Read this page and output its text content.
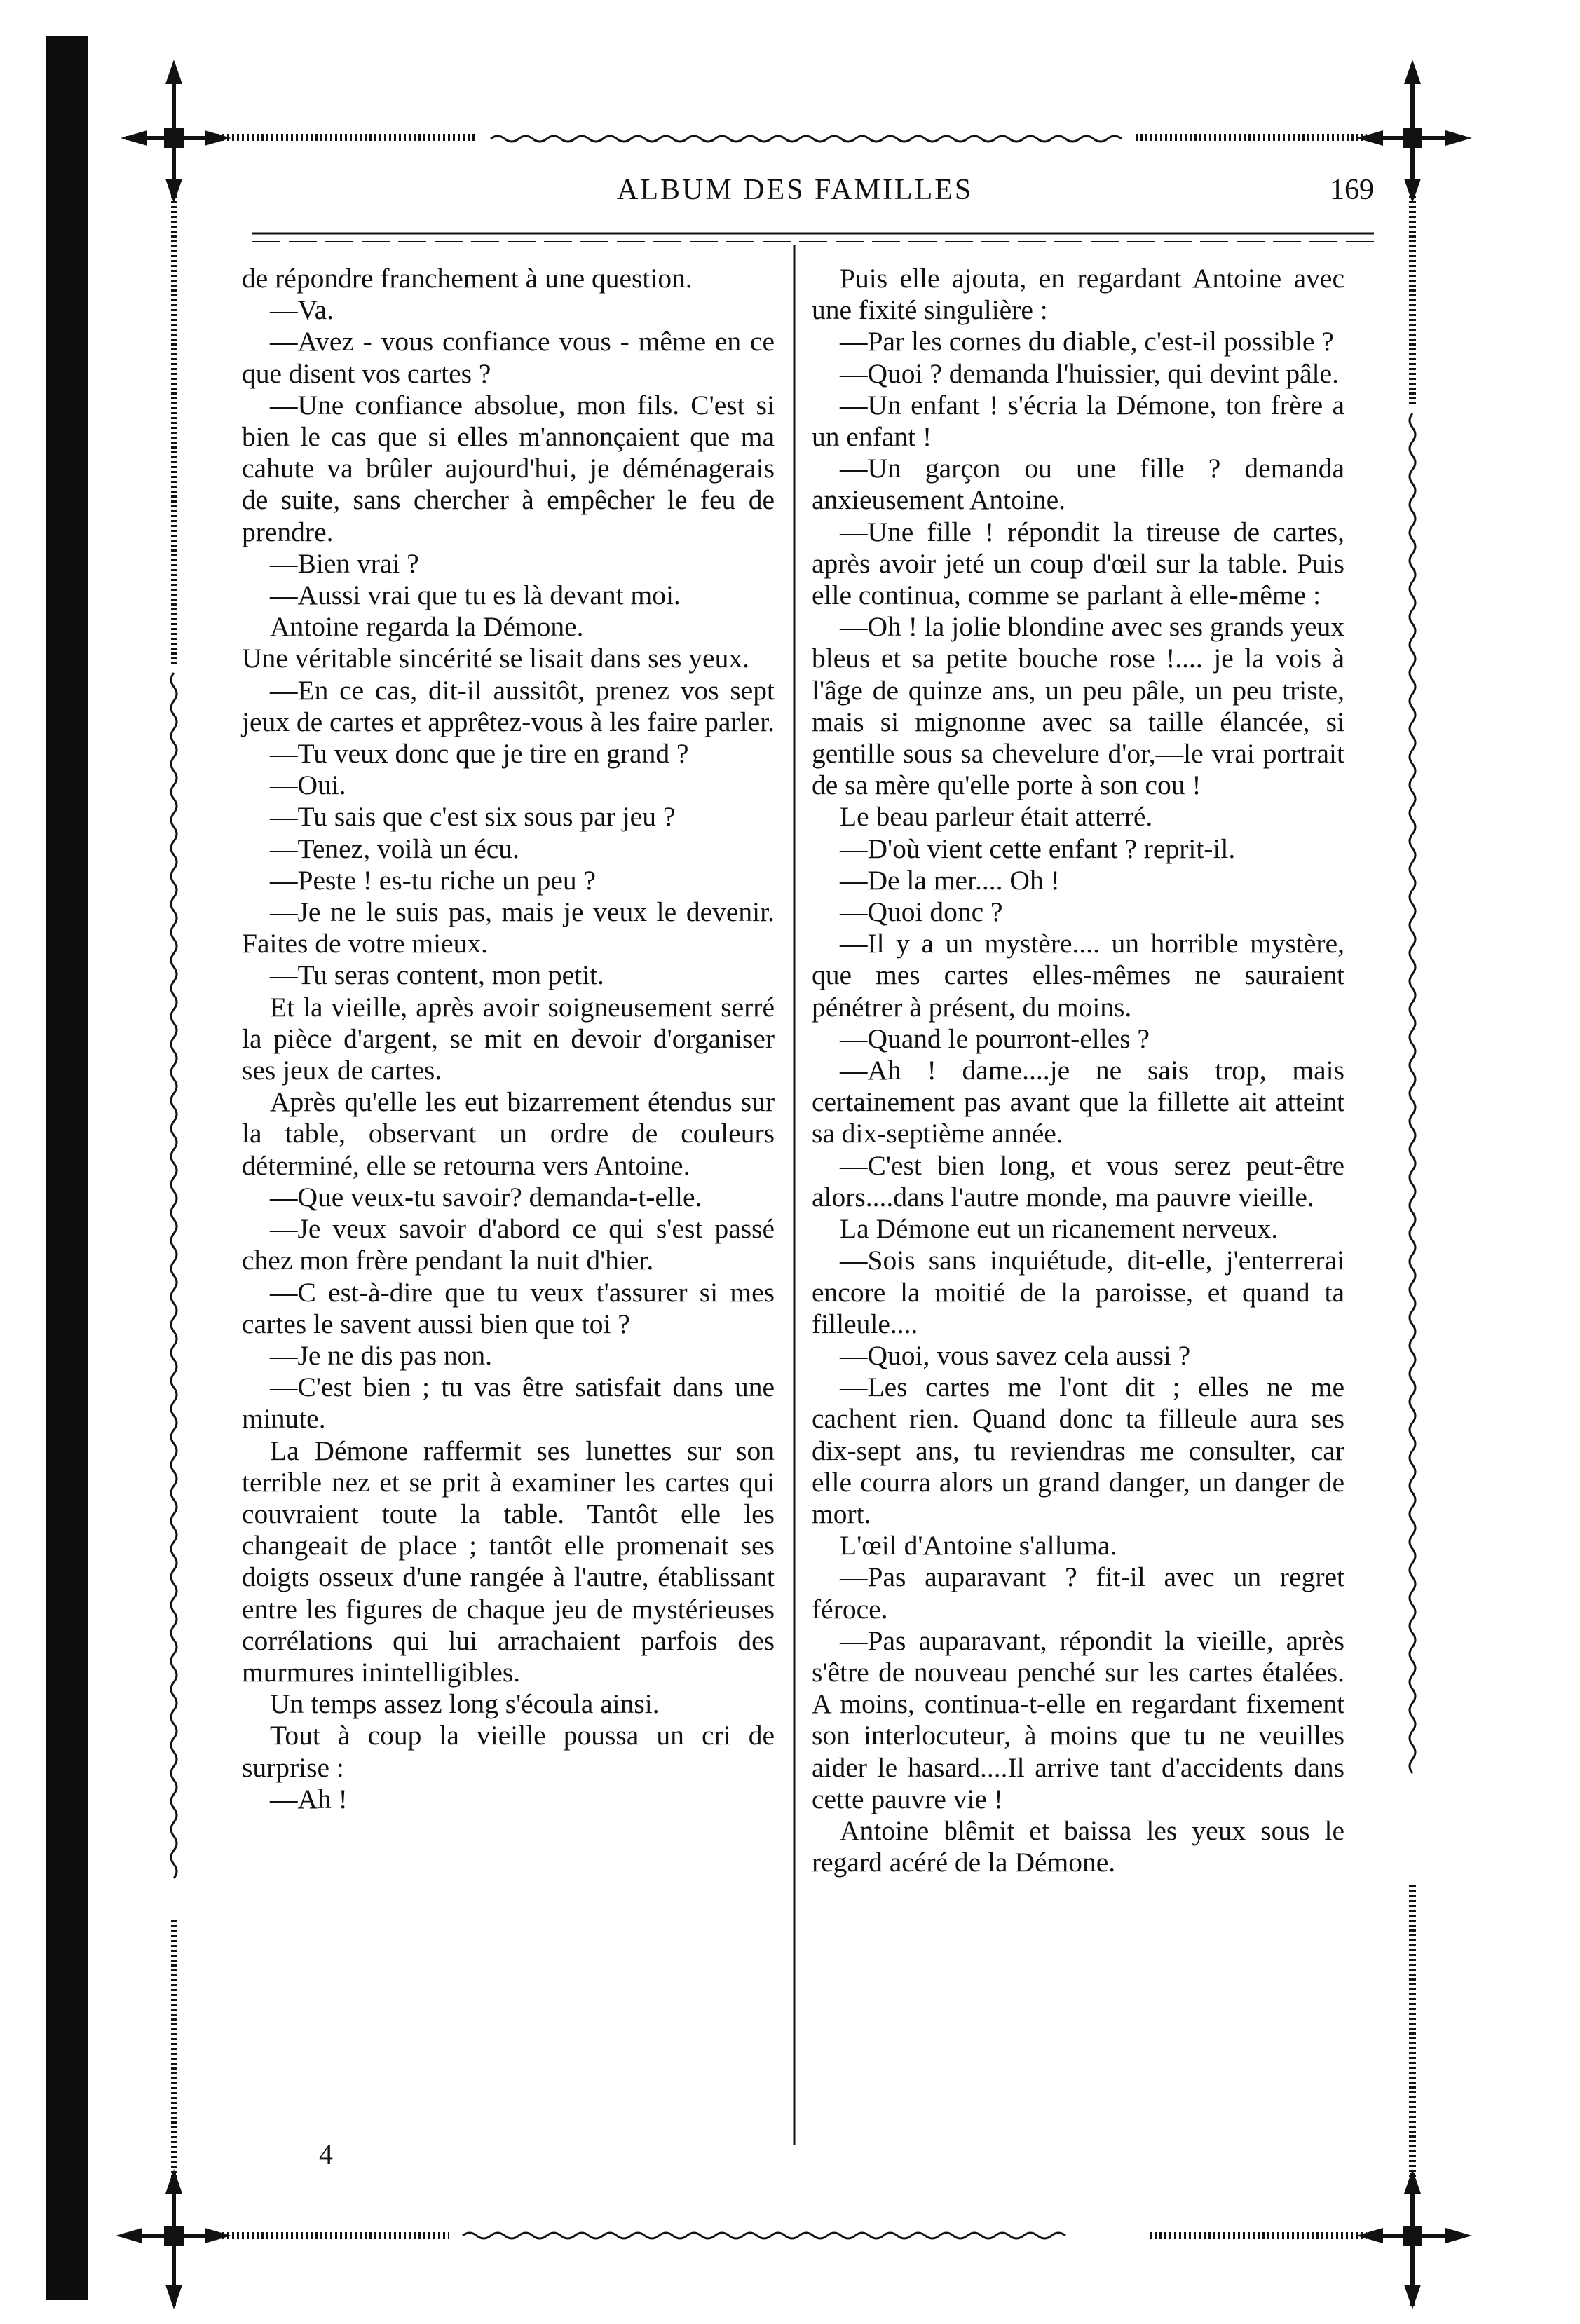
ALBUM DES FAMILLES	169

de répondre franchement à une question.

—Va.

—Avez - vous confiance vous - même en ce que disent vos cartes ?

—Une confiance absolue, mon fils. C'est si bien le cas que si elles m'annonçaient que ma cahute va brûler aujourd'hui, je déménagerais de suite, sans chercher à empêcher le feu de prendre.

—Bien vrai ?

—Aussi vrai que tu es là devant moi.

Antoine regarda la Démone.

Une véritable sincérité se lisait dans ses yeux.

—En ce cas, dit-il aussitôt, prenez vos sept jeux de cartes et apprêtez-vous à les faire parler.

—Tu veux donc que je tire en grand ?

—Oui.

—Tu sais que c'est six sous par jeu ?

—Tenez, voilà un écu.

—Peste ! es-tu riche un peu ?

—Je ne le suis pas, mais je veux le devenir. Faites de votre mieux.

—Tu seras content, mon petit.

Et la vieille, après avoir soigneusement serré la pièce d'argent, se mit en devoir d'organiser ses jeux de cartes.

Après qu'elle les eut bizarrement étendus sur la table, observant un ordre de couleurs déterminé, elle se retourna vers Antoine.

—Que veux-tu savoir? demanda-t-elle.

—Je veux savoir d'abord ce qui s'est passé chez mon frère pendant la nuit d'hier.

—C est-à-dire que tu veux t'assurer si mes cartes le savent aussi bien que toi ?

—Je ne dis pas non.

—C'est bien ; tu vas être satisfait dans une minute.

La Démone raffermit ses lunettes sur son terrible nez et se prit à examiner les cartes qui couvraient toute la table. Tantôt elle les changeait de place ; tantôt elle promenait ses doigts osseux d'une rangée à l'autre, établissant entre les figures de chaque jeu de mystérieuses corrélations qui lui arrachaient parfois des murmures inintelligibles.

Un temps assez long s'écoula ainsi.

Tout à coup la vieille poussa un cri de surprise :

—Ah !

Puis elle ajouta, en regardant Antoine avec une fixité singulière :

—Par les cornes du diable, c'est-il possible ?

—Quoi ? demanda l'huissier, qui devint pâle.

—Un enfant ! s'écria la Démone, ton frère a un enfant !

—Un garçon ou une fille ? demanda anxieusement Antoine.

—Une fille ! répondit la tireuse de cartes, après avoir jeté un coup d'œil sur la table. Puis elle continua, comme se parlant à elle-même :

—Oh ! la jolie blondine avec ses grands yeux bleus et sa petite bouche rose !.... je la vois à l'âge de quinze ans, un peu pâle, un peu triste, mais si mignonne avec sa taille élancée, si gentille sous sa chevelure d'or,—le vrai portrait de sa mère qu'elle porte à son cou !

Le beau parleur était atterré.

—D'où vient cette enfant ? reprit-il.

—De la mer.... Oh !

—Quoi donc ?

—Il y a un mystère.... un horrible mystère, que mes cartes elles-mêmes ne sauraient pénétrer à présent, du moins.

—Quand le pourront-elles ?

—Ah ! dame....je ne sais trop, mais certainement pas avant que la fillette ait atteint sa dix-septième année.

—C'est bien long, et vous serez peut-être alors....dans l'autre monde, ma pauvre vieille.

La Démone eut un ricanement nerveux.

—Sois sans inquiétude, dit-elle, j'enterrerai encore la moitié de la paroisse, et quand ta filleule....

—Quoi, vous savez cela aussi ?

—Les cartes me l'ont dit ; elles ne me cachent rien. Quand donc ta filleule aura ses dix-sept ans, tu reviendras me consulter, car elle courra alors un grand danger, un danger de mort.

L'œil d'Antoine s'alluma.

—Pas auparavant ? fit-il avec un regret féroce.

—Pas auparavant, répondit la vieille, après s'être de nouveau penché sur les cartes étalées. A moins, continua-t-elle en regardant fixement son interlocuteur, à moins que tu ne veuilles aider le hasard....Il arrive tant d'accidents dans cette pauvre vie !

Antoine blêmit et baissa les yeux sous le regard acéré de la Démone.

4
